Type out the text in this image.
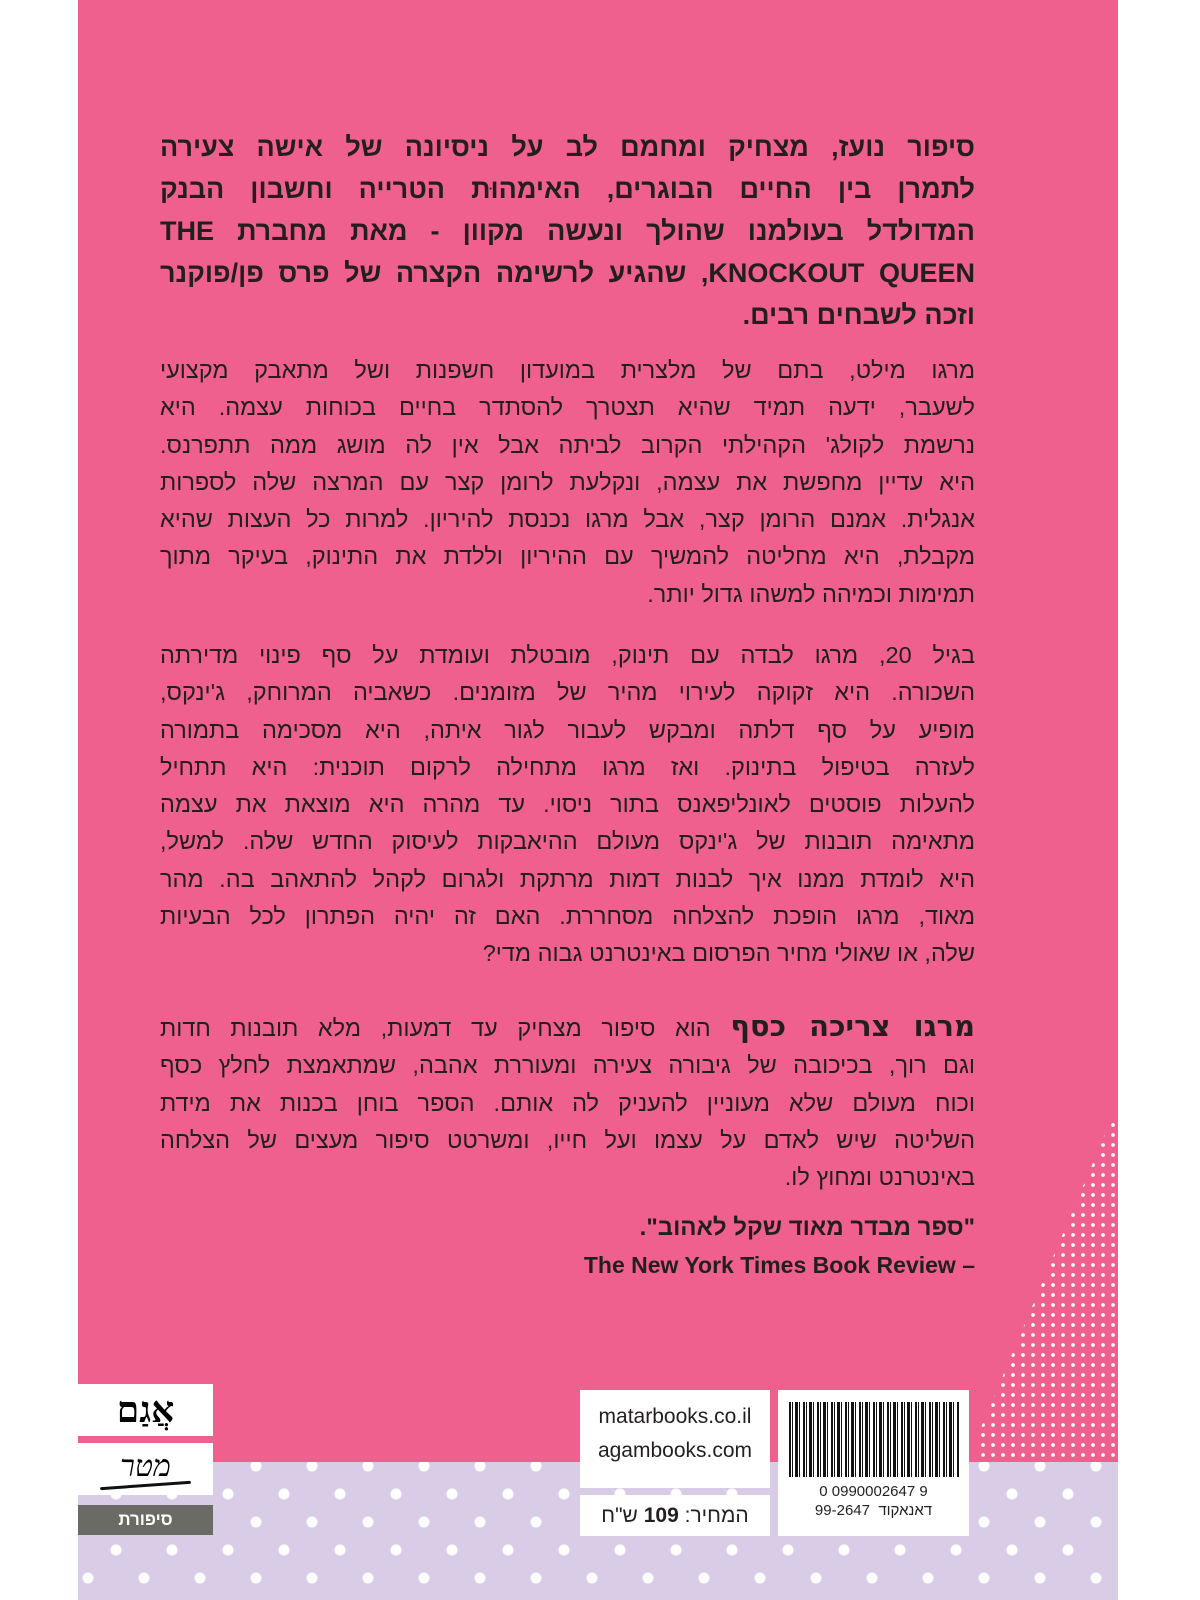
סיפור נועז, מצחיק ומחמם לב על ניסיונה של אישה צעירה
לתמרן בין החיים הבוגרים, האימהוּת הטרייה וחשבון הבנק
המדולדל בעולמנו שהולך ונעשה מקוון - מאת מחברת THE
KNOCKOUT QUEEN, שהגיע לרשימה הקצרה של פרס פן/פוקנר
וזכה לשבחים רבים.
מרגו מילט, בתם של מלצרית במועדון חשפנות ושל מתאבק מקצועי
לשעבר, ידעה תמיד שהיא תצטרך להסתדר בחיים בכוחות עצמה. היא
נרשמת לקולג' הקהילתי הקרוב לביתה אבל אין לה מושג ממה תתפרנס.
היא עדיין מחפשת את עצמה, ונקלעת לרומן קצר עם המרצה שלה לספרות
אנגלית. אמנם הרומן קצר, אבל מרגו נכנסת להיריון. למרות כל העצות שהיא
מקבלת, היא מחליטה להמשיך עם ההיריון וללדת את התינוק, בעיקר מתוך
תמימות וכמיהה למשהו גדול יותר.
בגיל 20, מרגו לבדה עם תינוק, מובטלת ועומדת על סף פינוי מדירתה
השכורה. היא זקוקה לעירוי מהיר של מזומנים. כשאביה המרוחק, ג'ינקס,
מופיע על סף דלתה ומבקש לעבור לגור איתה, היא מסכימה בתמורה
לעזרה בטיפול בתינוק. ואז מרגו מתחילה לרקום תוכנית: היא תתחיל
להעלות פוסטים לאונליפאנס בתור ניסוי. עד מהרה היא מוצאת את עצמה
מתאימה תובנות של ג'ינקס מעולם ההיאבקות לעיסוק החדש שלה. למשל,
היא לומדת ממנו איך לבנות דמות מרתקת ולגרום לקהל להתאהב בה. מהר
מאוד, מרגו הופכת להצלחה מסחררת. האם זה יהיה הפתרון לכל הבעיות
שלה, או שאולי מחיר הפרסום באינטרנט גבוה מדי?
מרגו צריכה כסף הוא סיפור מצחיק עד דמעות, מלא תובנות חדות
וגם רוך, בכיכובה של גיבורה צעירה ומעוררת אהבה, שמתאמצת לחלץ כסף
וכוח מעולם שלא מעוניין להעניק לה אותם. הספר בוחן בכנות את מידת
השליטה שיש לאדם על עצמו ועל חייו, ומשרטט סיפור מעצים של הצלחה
באינטרנט ומחוץ לו.
"ספר מבדר מאוד שקל לאהוב".
The New York Times Book Review –
אֲגַם
מטר
סיפורת
matarbooks.co.il
agambooks.com
המחיר: 109 ש"ח
0 0990002647 9
דאנאקוד  99-2647
